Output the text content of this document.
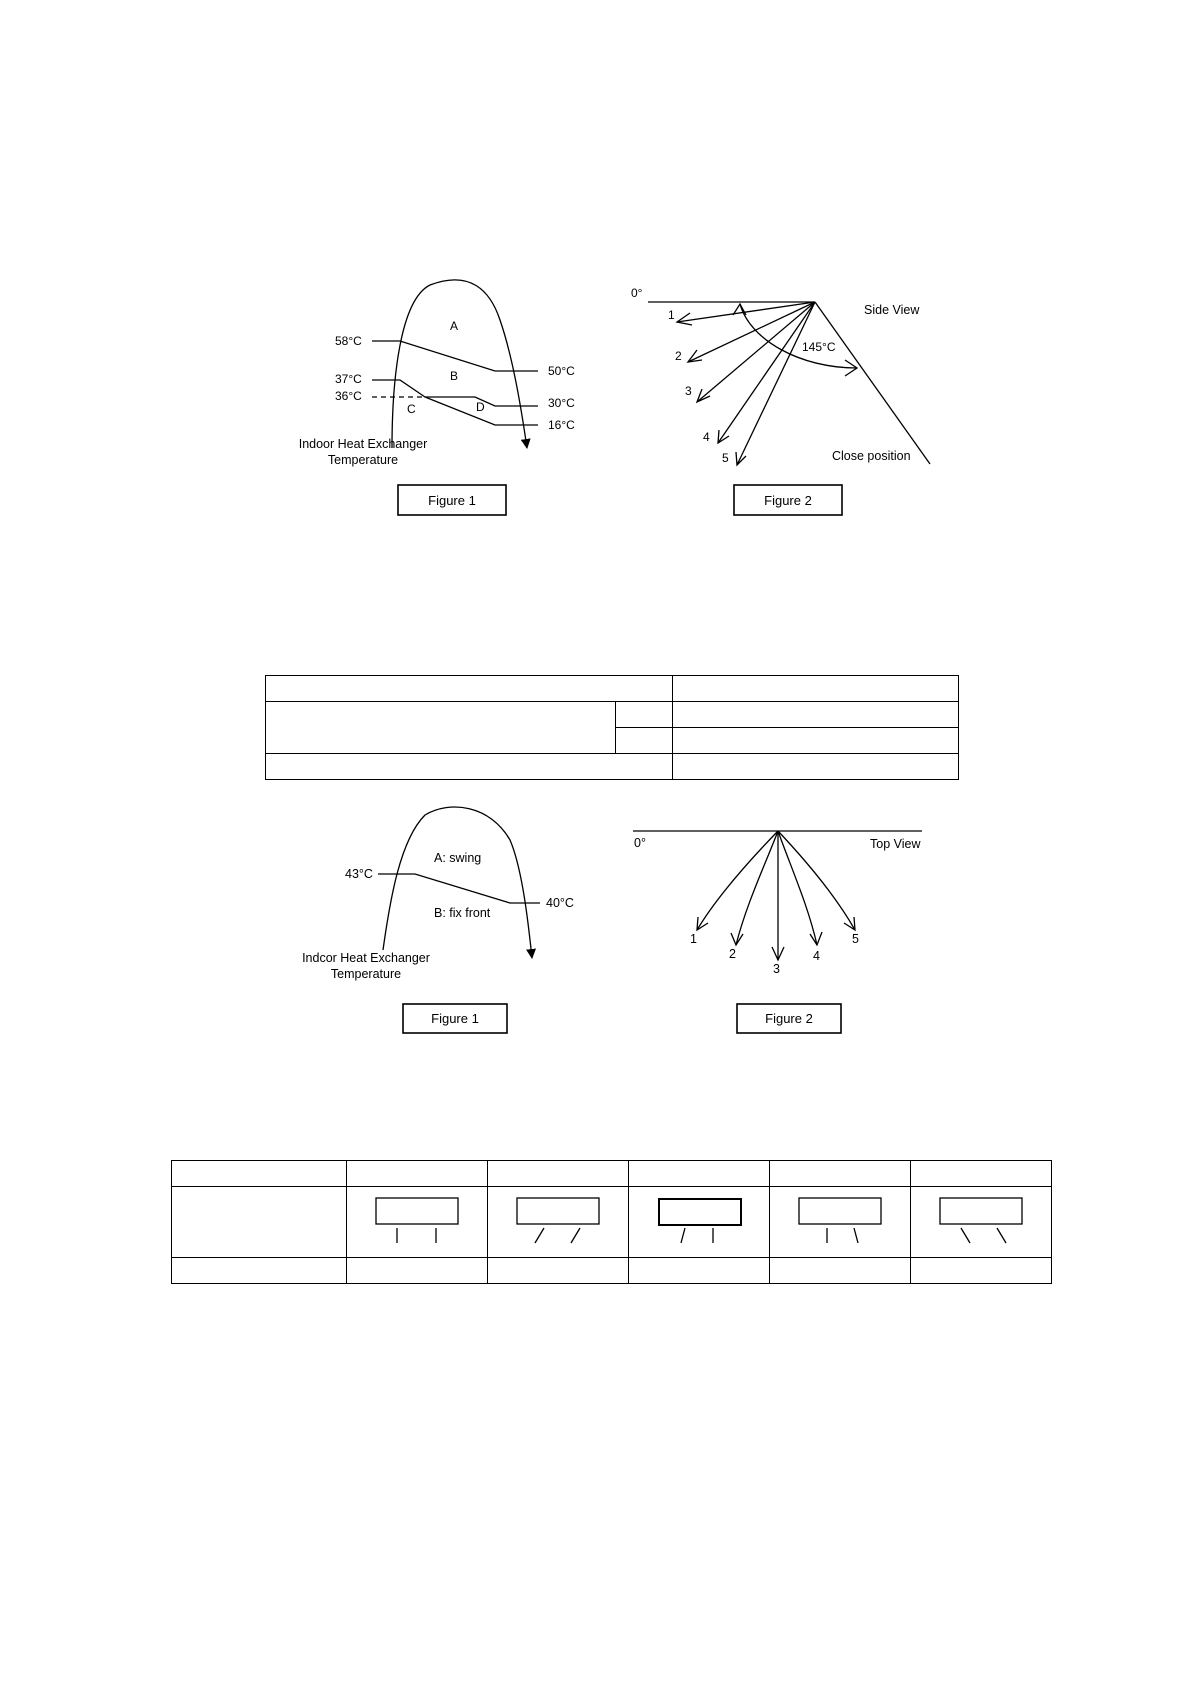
58°C
37°C
36°C
50°C
30°C
16°C
A
B
C	D
Indoor Heat Exchanger
Temperature
Figure 1
0°
Side View
145°C
Close position
1
2
3
4
5
Figure 2

43°C
40°C
A: swing
B: fix front
Indcor Heat Exchanger
Temperature
Figure 1
0°	Top View
1
2
3
4
5
Figure 2
